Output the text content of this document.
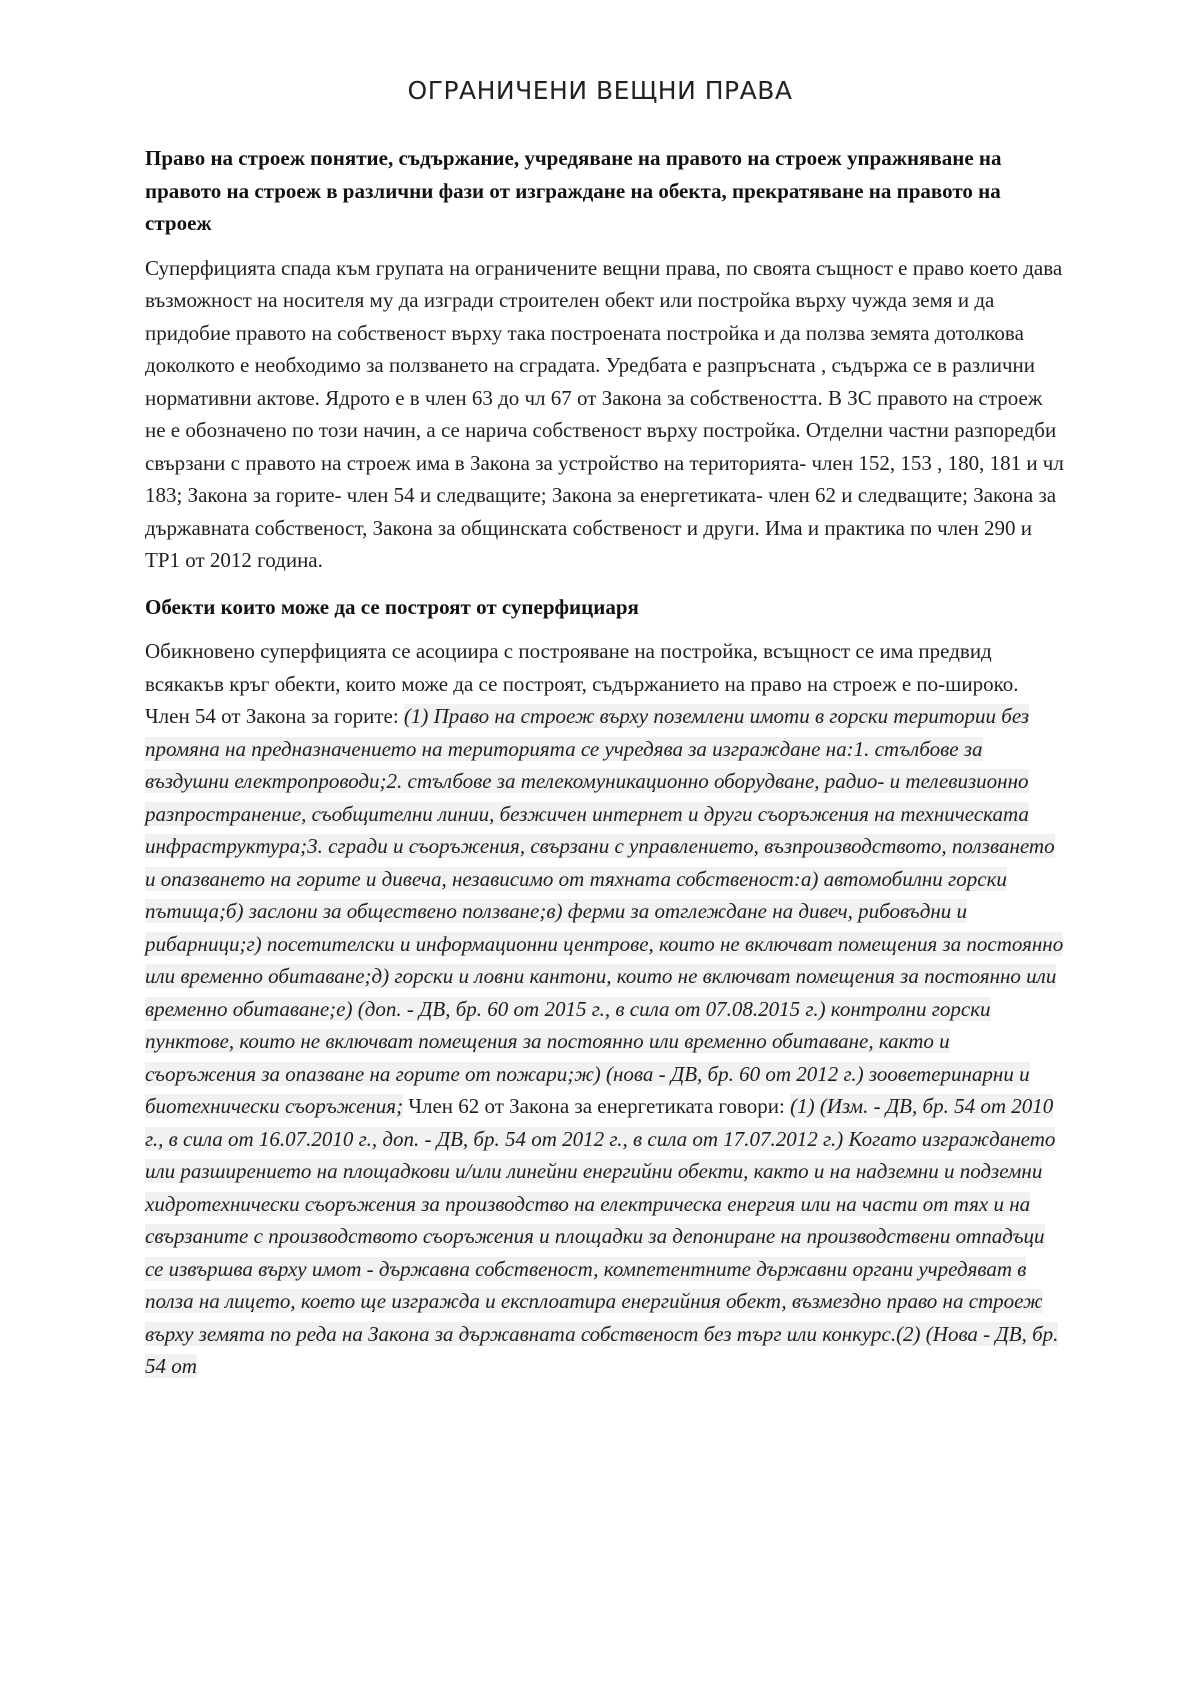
ОГРАНИЧЕНИ ВЕЩНИ ПРАВА

Право на строеж понятие, съдържание, учредяване на правото на строеж упражняване на правото на строеж в различни фази от изграждане на обекта, прекратяване на правото на строеж

Суперфицията спада към групата на ограничените вещни права, по своята същност е право което дава възможност на носителя му да изгради строителен обект или постройка върху чужда земя и да придобие правото на собственост върху така построената постройка и да ползва земята дотолкова доколкото е необходимо за ползването на сградата. Уредбата е разпръсната , съдържа се в различни нормативни актове. Ядрото е в член 63 до чл 67 от Закона за собствеността. В ЗС правото на строеж не е обозначено по този начин, а се нарича собственост върху постройка. Отделни частни разпоредби свързани с правото на строеж има в Закона за устройство на територията- член 152, 153 , 180, 181 и чл 183; Закона за горите- член 54 и следващите; Закона за енергетиката- член 62 и следващите; Закона за държавната собственост, Закона за общинската собственост и други. Има и практика по член 290 и ТР1 от 2012 година.

Обекти които може да се построят от суперфициаря

Обикновено суперфицията се асоциира с построяване на постройка, всъщност се има предвид всякакъв кръг обекти, които може да се построят, съдържанието на право на строеж е по-широко. Член 54 от Закона за горите: (1) Право на строеж върху поземлени имоти в горски територии без промяна на предназначението на територията се учредява за изграждане на:1. стълбове за въздушни електропроводи;2. стълбове за телекомуникационно оборудване, радио- и телевизионно разпространение, съобщителни линии, безжичен интернет и други съоръжения на техническата инфраструктура;3. сгради и съоръжения, свързани с управлението, възпроизводството, ползването и опазването на горите и дивеча, независимо от тяхната собственост:а) автомобилни горски пътища;б) заслони за обществено ползване;в) ферми за отглеждане на дивеч, рибовъдни и рибарници;г) посетителски и информационни центрове, които не включват помещения за постоянно или временно обитаване;д) горски и ловни кантони, които не включват помещения за постоянно или временно обитаване;е) (доп. - ДВ, бр. 60 от 2015 г., в сила от 07.08.2015 г.) контролни горски пунктове, които не включват помещения за постоянно или временно обитаване, както и съоръжения за опазване на горите от пожари;ж) (нова - ДВ, бр. 60 от 2012 г.) зооветеринарни и биотехнически съоръжения; Член 62 от Закона за енергетиката говори: (1) (Изм. - ДВ, бр. 54 от 2010 г., в сила от 16.07.2010 г., доп. - ДВ, бр. 54 от 2012 г., в сила от 17.07.2012 г.) Когато изграждането или разширението на площадкови и/или линейни енергийни обекти, както и на надземни и подземни хидротехнически съоръжения за производство на електрическа енергия или на части от тях и на свързаните с производството съоръжения и площадки за депониране на производствени отпадъци се извършва върху имот - държавна собственост, компетентните държавни органи учредяват в полза на лицето, което ще изгражда и експлоатира енергийния обект, възмездно право на строеж върху земята по реда на Закона за държавната собственост без търг или конкурс.(2) (Нова - ДВ, бр. 54 от
